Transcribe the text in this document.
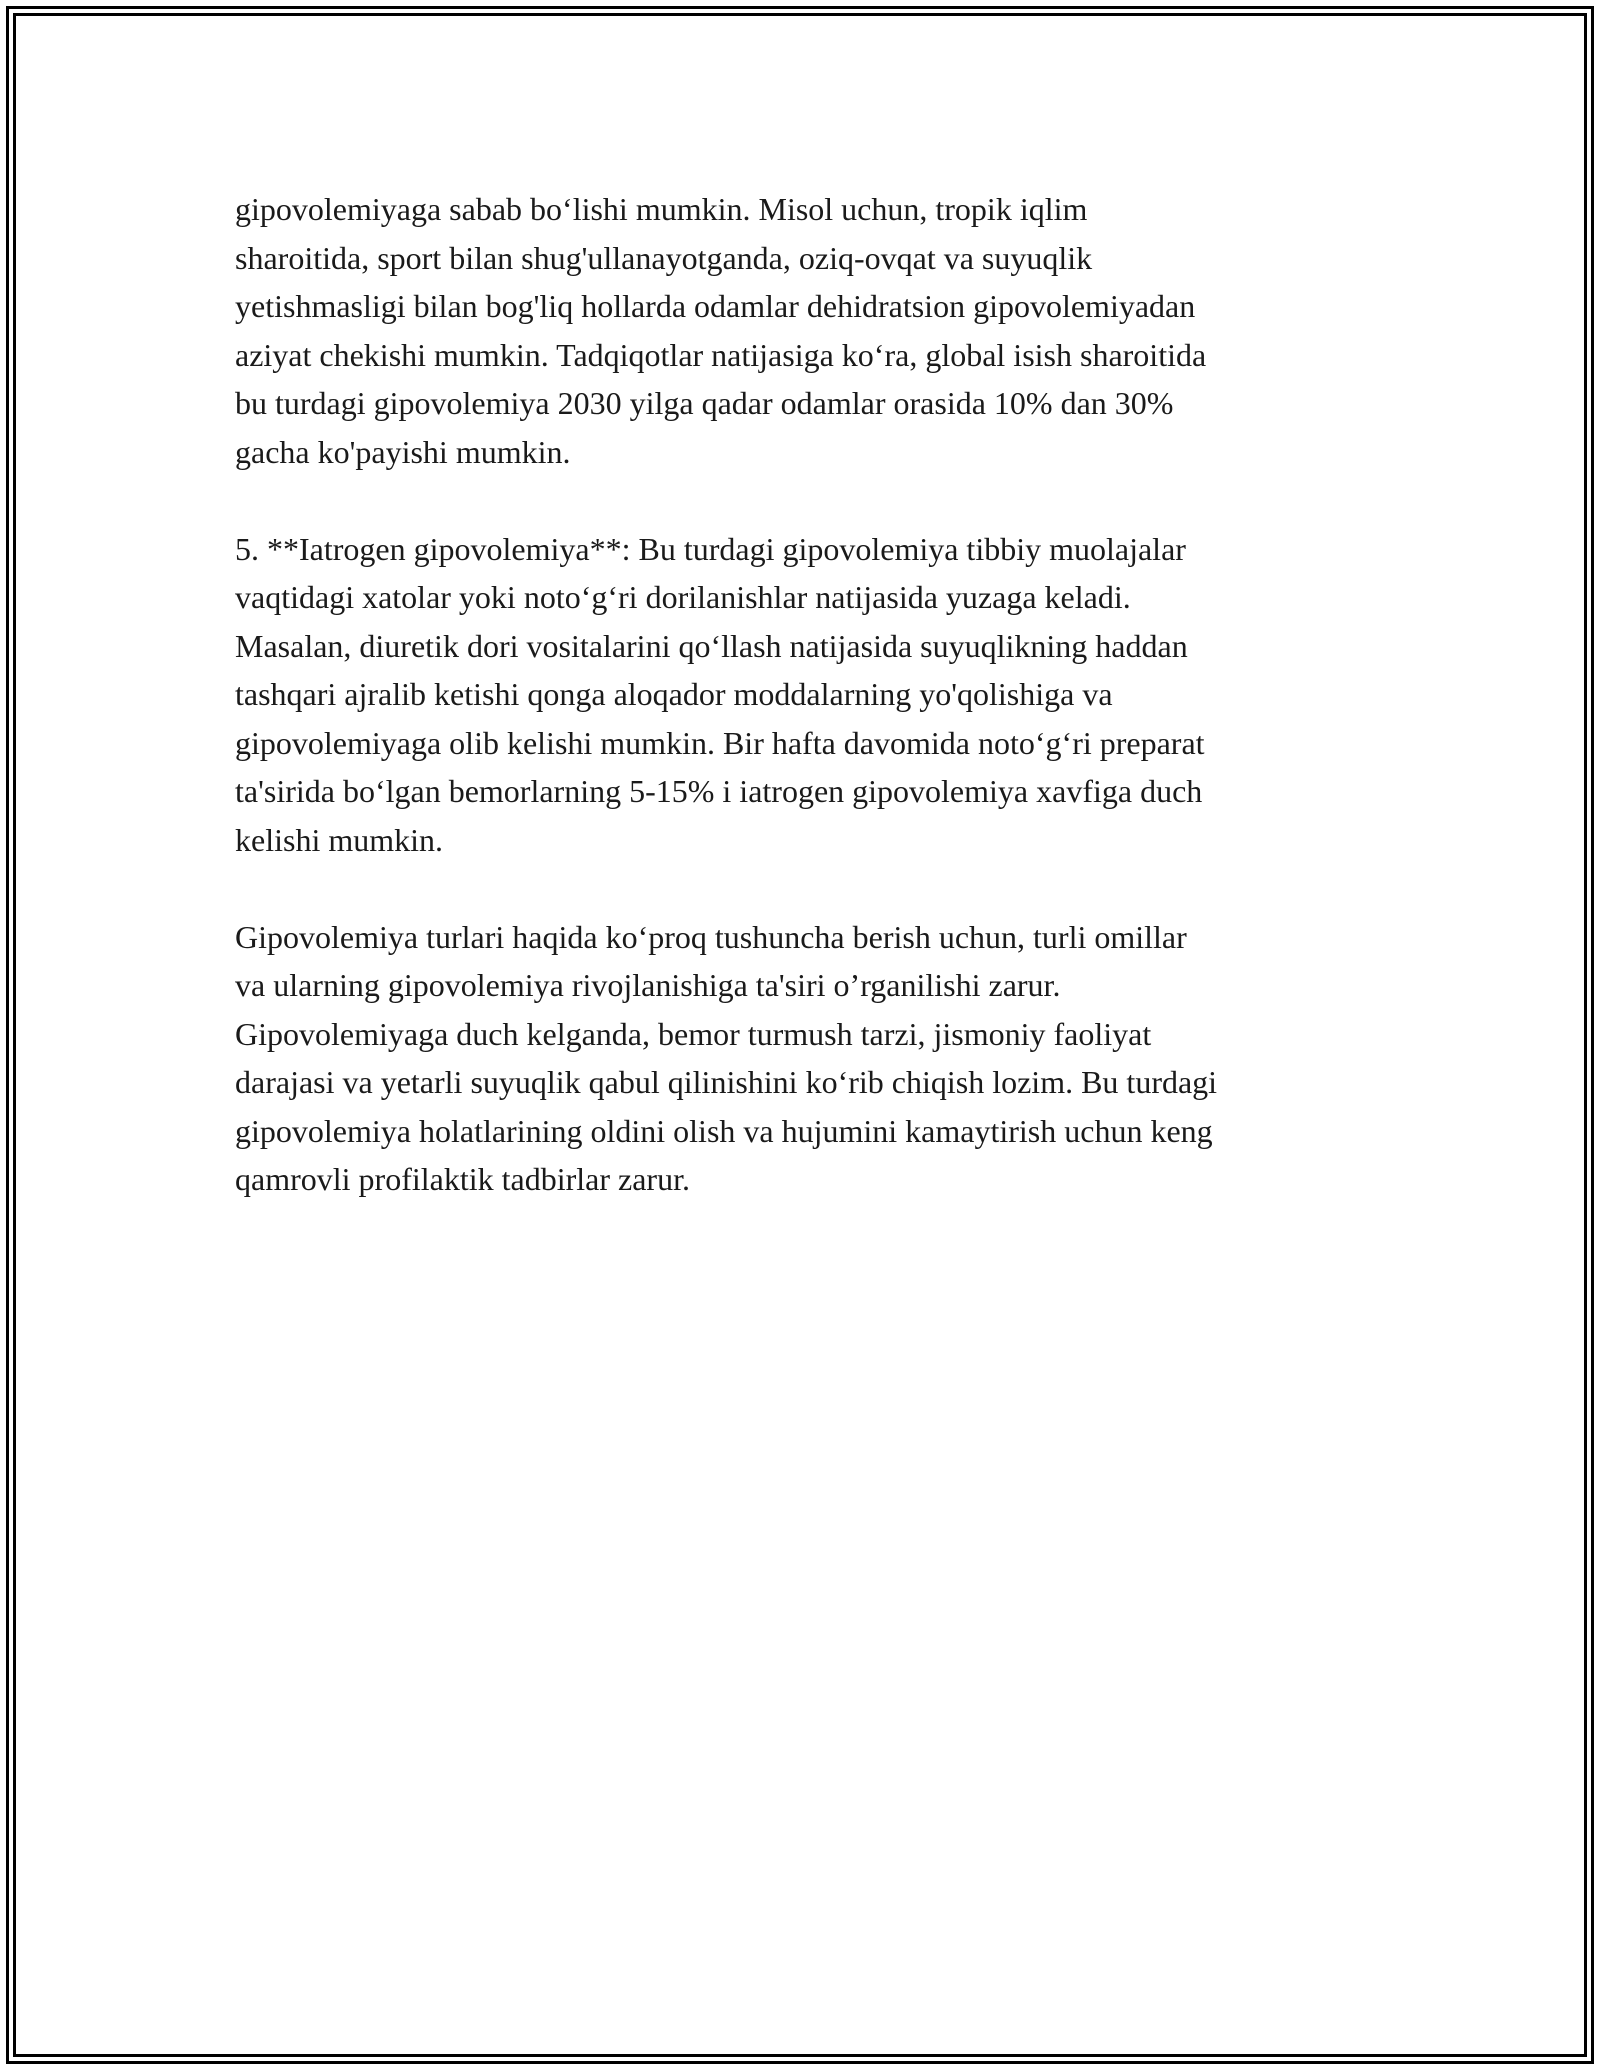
gipovolemiyaga sabab bo‘lishi mumkin. Misol uchun, tropik iqlim
sharoitida, sport bilan shug'ullanayotganda, oziq-ovqat va suyuqlik
yetishmasligi bilan bog'liq hollarda odamlar dehidratsion gipovolemiyadan
aziyat chekishi mumkin. Tadqiqotlar natijasiga ko‘ra, global isish sharoitida
bu turdagi gipovolemiya 2030 yilga qadar odamlar orasida 10% dan 30%
gacha ko'payishi mumkin.

5. **Iatrogen gipovolemiya**: Bu turdagi gipovolemiya tibbiy muolajalar
vaqtidagi xatolar yoki noto‘g‘ri dorilanishlar natijasida yuzaga keladi.
Masalan, diuretik dori vositalarini qo‘llash natijasida suyuqlikning haddan
tashqari ajralib ketishi qonga aloqador moddalarning yo'qolishiga va
gipovolemiyaga olib kelishi mumkin. Bir hafta davomida noto‘g‘ri preparat
ta'sirida bo‘lgan bemorlarning 5-15% i iatrogen gipovolemiya xavfiga duch
kelishi mumkin.

Gipovolemiya turlari haqida ko‘proq tushuncha berish uchun, turli omillar
va ularning gipovolemiya rivojlanishiga ta'siri o’rganilishi zarur.
Gipovolemiyaga duch kelganda, bemor turmush tarzi, jismoniy faoliyat
darajasi va yetarli suyuqlik qabul qilinishini ko‘rib chiqish lozim. Bu turdagi
gipovolemiya holatlarining oldini olish va hujumini kamaytirish uchun keng
qamrovli profilaktik tadbirlar zarur.
